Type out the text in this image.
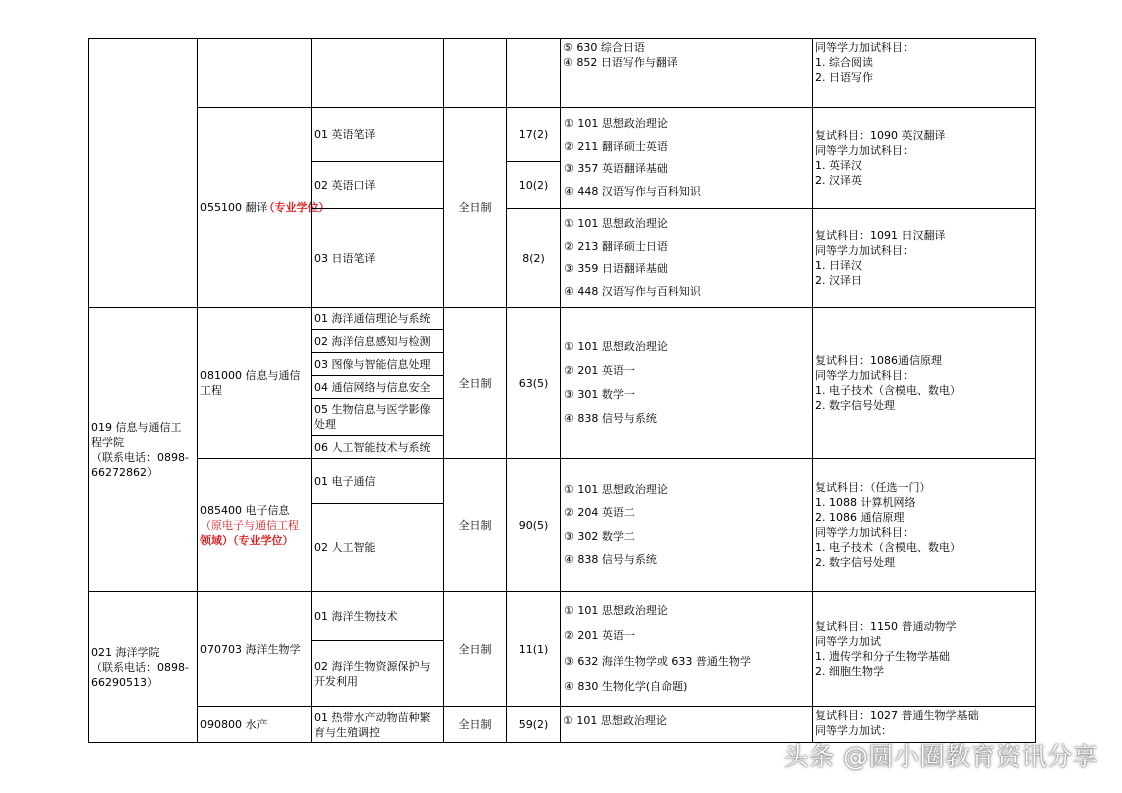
⑤ 630 综合日语
④ 852 日语写作与翻译
同等学力加试科目：
1. 综合阅读
2. 日语写作
055100 翻译（专业学位）
01 英语笔译
02 英语口译
03 日语笔译
全日制
17(2)
10(2)
8(2)
① 101 思想政治理论
② 211 翻译硕士英语
③ 357 英语翻译基础
④ 448 汉语写作与百科知识
① 101 思想政治理论
② 213 翻译硕士日语
③ 359 日语翻译基础
④ 448 汉语写作与百科知识
复试科目：1090 英汉翻译
同等学力加试科目：
1. 英译汉
2. 汉译英
复试科目：1091 日汉翻译
同等学力加试科目：
1. 日译汉
2. 汉译日
019 信息与通信工
程学院
（联系电话：0898-
66272862）
081000 信息与通信
工程
01 海洋通信理论与系统
02 海洋信息感知与检测
03 图像与智能信息处理
04 通信网络与信息安全
05 生物信息与医学影像
处理
06 人工智能技术与系统
全日制 63(5)
① 101 思想政治理论
② 201 英语一
③ 301 数学一
④ 838 信号与系统
复试科目：1086通信原理
同等学力加试科目：
1. 电子技术（含模电、数电）
2. 数字信号处理
085400 电子信息
（原电子与通信工程
领域）（专业学位）
01 电子通信
02 人工智能
全日制 90(5)
① 101 思想政治理论
② 204 英语二
③ 302 数学二
④ 838 信号与系统
复试科目：（任选一门）
1. 1088 计算机网络
2. 1086 通信原理
同等学力加试科目：
1. 电子技术（含模电、数电）
2. 数字信号处理
021 海洋学院
（联系电话：0898-
66290513）
070703 海洋生物学
01 海洋生物技术
02 海洋生物资源保护与
开发利用
全日制 11(1)
① 101 思想政治理论
② 201 英语一
③ 632 海洋生物学或 633 普通生物学
④ 830 生物化学(自命题)
复试科目：1150 普通动物学
同等学力加试
1. 遗传学和分子生物学基础
2. 细胞生物学
090800 水产
01 热带水产动物苗种繁
育与生殖调控
全日制 59(2) ① 101 思想政治理论	复试科目：1027 普通生物学基础
同等学力加试：
头条 @圆小圈教育资讯分享
